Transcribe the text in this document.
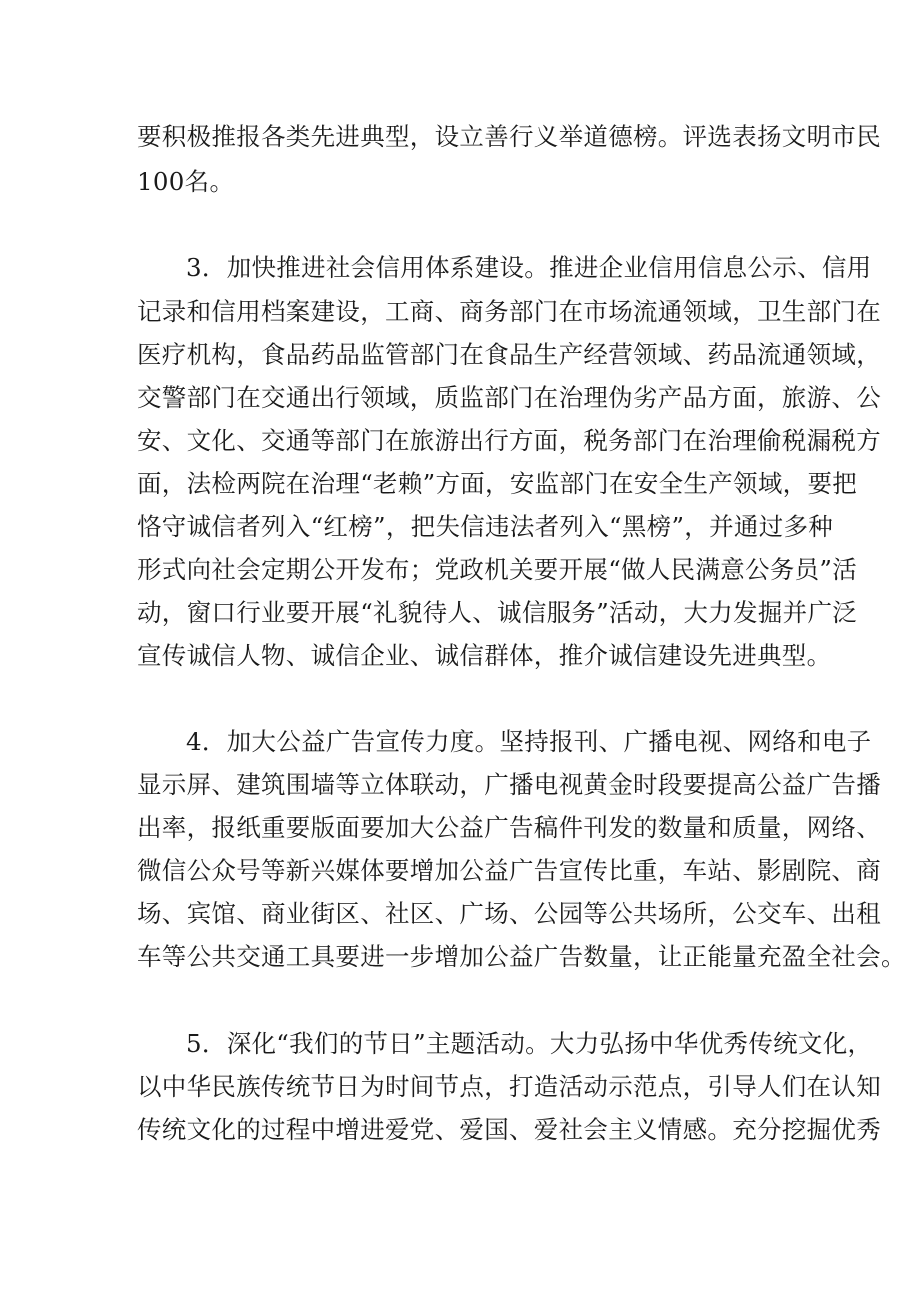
要积极推报各类先进典型，设立善行义举道德榜。评选表扬文明市民
100名。
3．加快推进社会信用体系建设。推进企业信用信息公示、信用
记录和信用档案建设，工商、商务部门在市场流通领域，卫生部门在
医疗机构，食品药品监管部门在食品生产经营领域、药品流通领域，
交警部门在交通出行领域，质监部门在治理伪劣产品方面，旅游、公
安、文化、交通等部门在旅游出行方面，税务部门在治理偷税漏税方
面，法检两院在治理“老赖”方面，安监部门在安全生产领域，要把
恪守诚信者列入“红榜”，把失信违法者列入“黑榜”，并通过多种
形式向社会定期公开发布；党政机关要开展“做人民满意公务员”活
动，窗口行业要开展“礼貌待人、诚信服务”活动，大力发掘并广泛
宣传诚信人物、诚信企业、诚信群体，推介诚信建设先进典型。
4．加大公益广告宣传力度。坚持报刊、广播电视、网络和电子
显示屏、建筑围墙等立体联动，广播电视黄金时段要提高公益广告播
出率，报纸重要版面要加大公益广告稿件刊发的数量和质量，网络、
微信公众号等新兴媒体要增加公益广告宣传比重，车站、影剧院、商
场、宾馆、商业街区、社区、广场、公园等公共场所，公交车、出租
车等公共交通工具要进一步增加公益广告数量，让正能量充盈全社会。
5．深化“我们的节日”主题活动。大力弘扬中华优秀传统文化，
以中华民族传统节日为时间节点，打造活动示范点，引导人们在认知
传统文化的过程中增进爱党、爱国、爱社会主义情感。充分挖掘优秀
